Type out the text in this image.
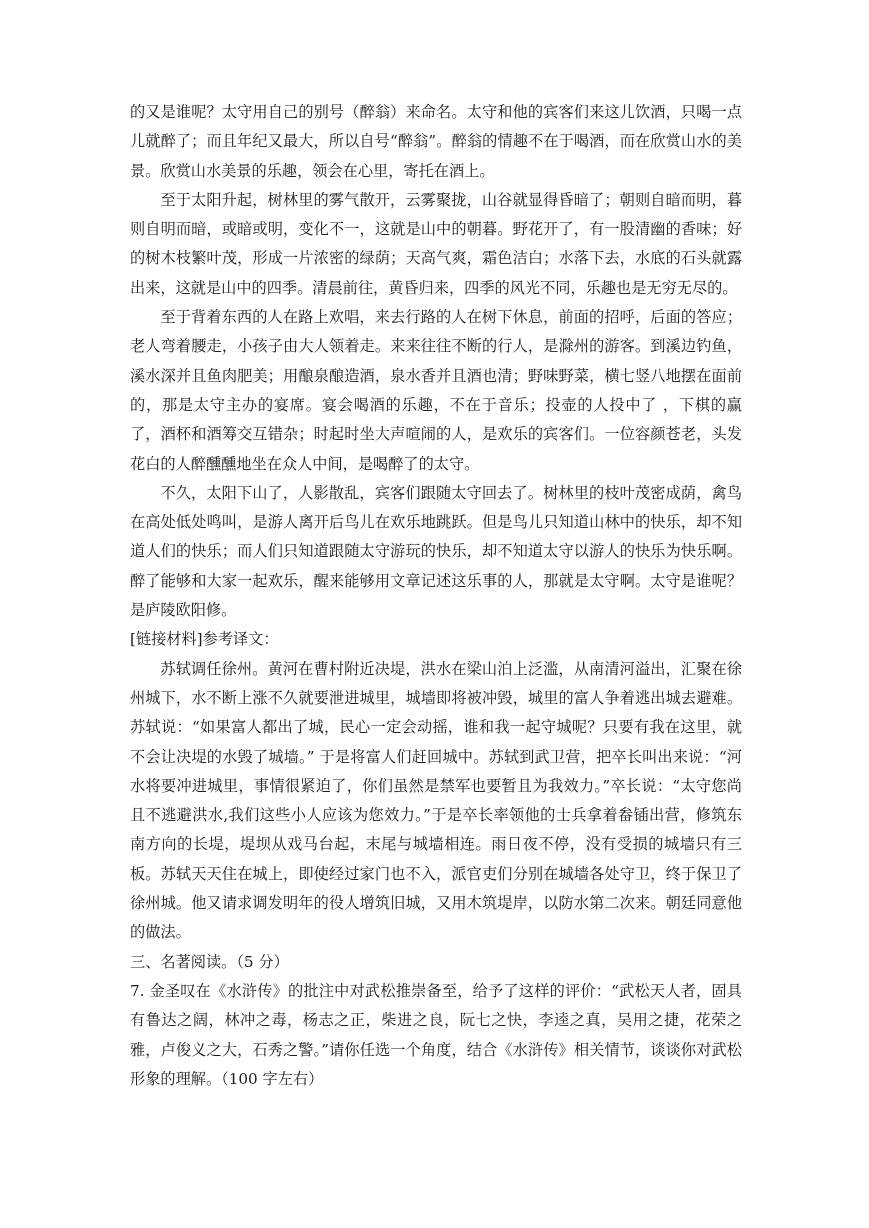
的又是谁呢？太守用自己的别号（醉翁）来命名。太守和他的宾客们来这儿饮酒，只喝一点儿就醉了；而且年纪又最大，所以自号“醉翁”。醉翁的情趣不在于喝酒，而在欣赏山水的美景。欣赏山水美景的乐趣，领会在心里，寄托在酒上。

至于太阳升起，树林里的雾气散开，云雾聚拢，山谷就显得昏暗了；朝则自暗而明，暮则自明而暗，或暗或明，变化不一，这就是山中的朝暮。野花开了，有一股清幽的香味；好的树木枝繁叶茂，形成一片浓密的绿荫；天高气爽，霜色洁白；水落下去，水底的石头就露出来，这就是山中的四季。清晨前往，黄昏归来，四季的风光不同，乐趣也是无穷无尽的。

至于背着东西的人在路上欢唱，来去行路的人在树下休息，前面的招呼，后面的答应；老人弯着腰走，小孩子由大人领着走。来来往往不断的行人，是滁州的游客。到溪边钓鱼，溪水深并且鱼肉肥美；用酿泉酿造酒，泉水香并且酒也清；野味野菜，横七竖八地摆在面前的，那是太守主办的宴席。宴会喝酒的乐趣，不在于音乐；投壶的人投中了 ，下棋的赢了，酒杯和酒筹交互错杂；时起时坐大声喧闹的人，是欢乐的宾客们。一位容颜苍老，头发花白的人醉醺醺地坐在众人中间，是喝醉了的太守。

不久，太阳下山了，人影散乱，宾客们跟随太守回去了。树林里的枝叶茂密成荫，禽鸟在高处低处鸣叫，是游人离开后鸟儿在欢乐地跳跃。但是鸟儿只知道山林中的快乐，却不知道人们的快乐；而人们只知道跟随太守游玩的快乐，却不知道太守以游人的快乐为快乐啊。醉了能够和大家一起欢乐，醒来能够用文章记述这乐事的人，那就是太守啊。太守是谁呢？是庐陵欧阳修。

[链接材料]参考译文：

苏轼调任徐州。黄河在曹村附近决堤，洪水在梁山泊上泛滥，从南清河溢出，汇聚在徐州城下，水不断上涨不久就要泄进城里，城墙即将被冲毁，城里的富人争着逃出城去避难。苏轼说：“如果富人都出了城，民心一定会动摇，谁和我一起守城呢？只要有我在这里，就不会让决堤的水毁了城墙。” 于是将富人们赶回城中。苏轼到武卫营，把卒长叫出来说：“河水将要冲进城里，事情很紧迫了，你们虽然是禁军也要暂且为我效力。”卒长说：“太守您尚且不逃避洪水,我们这些小人应该为您效力。”于是卒长率领他的士兵拿着畚锸出营，修筑东南方向的长堤，堤坝从戏马台起，末尾与城墙相连。雨日夜不停，没有受损的城墙只有三板。苏轼天天住在城上，即使经过家门也不入，派官吏们分别在城墙各处守卫，终于保卫了徐州城。他又请求调发明年的役人增筑旧城，又用木筑堤岸，以防水第二次来。朝廷同意他的做法。

三、名著阅读。（5 分）

7. 金圣叹在《水浒传》的批注中对武松推崇备至，给予了这样的评价：“武松天人者，固具有鲁达之阔，林冲之毒，杨志之正，柴进之良，阮七之快，李逵之真，吴用之捷，花荣之雅，卢俊义之大，石秀之警。”请你任选一个角度，结合《水浒传》相关情节，谈谈你对武松形象的理解。（100 字左右）
